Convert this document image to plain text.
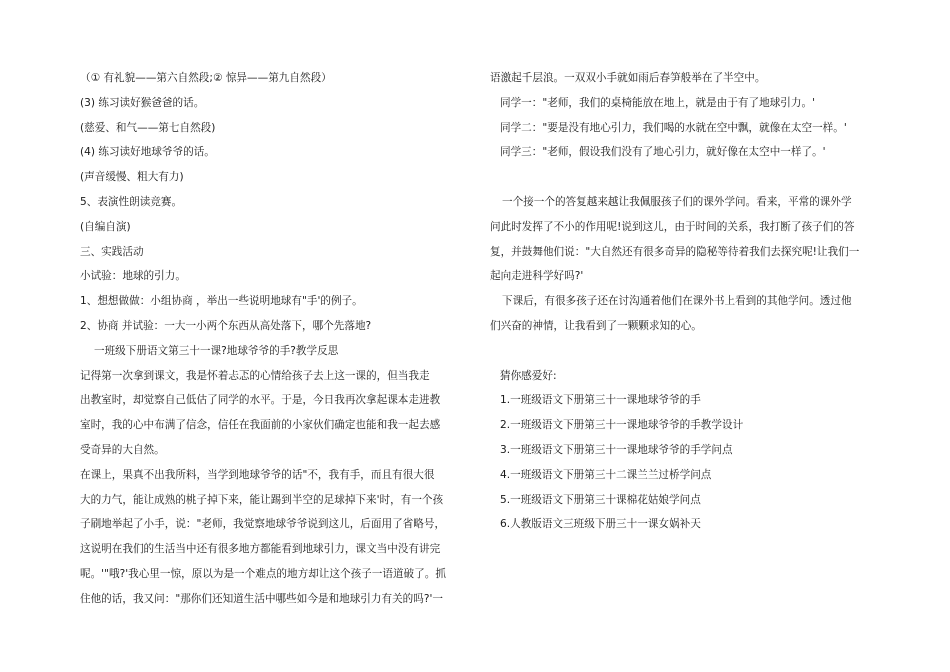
（① 有礼貌——第六自然段;② 惊异——第九自然段）
(3) 练习读好猴爸爸的话。
(慈爱、和气——第七自然段)
(4) 练习读好地球爷爷的话。
(声音缓慢、粗大有力)
5、表演性朗读竞赛。
(自编自演)
三、实践活动
小试验：地球的引力。
1、想想做做：小组协商 ，举出一些说明地球有"手'的例子。
2、协商 并试验：一大一小两个东西从高处落下，哪个先落地?
一班级下册语文第三十一课?地球爷爷的手?教学反思
记得第一次拿到课文，我是怀着忐忑的心情给孩子去上这一课的，但当我走
出教室时，却觉察自己低估了同学的水平。于是，今日我再次拿起课本走进教
室时，我的心中布满了信念，信任在我面前的小家伙们确定也能和我一起去感
受奇异的大自然。
在课上，果真不出我所料，当学到地球爷爷的话"不，我有手，而且有很大很
大的力气，能让成熟的桃子掉下来，能让踢到半空的足球掉下来'时，有一个孩
子刷地举起了小手，说："老师，我觉察地球爷爷说到这儿，后面用了省略号，
这说明在我们的生活当中还有很多地方都能看到地球引力，课文当中没有讲完
呢。'"哦?'我心里一惊，原以为是一个难点的地方却让这个孩子一语道破了。抓
住他的话，我又问："那你们还知道生活中哪些如今是和地球引力有关的吗?'一
语激起千层浪。一双双小手就如雨后春笋般举在了半空中。
同学一："老师，我们的桌椅能放在地上，就是由于有了地球引力。'
同学二："要是没有地心引力，我们喝的水就在空中飘，就像在太空一样。'
同学三："老师，假设我们没有了地心引力，就好像在太空中一样了。'
一个接一个的答复越来越让我佩服孩子们的课外学问。看来，平常的课外学
问此时发挥了不小的作用呢!说到这儿，由于时间的关系，我打断了孩子们的答
复，并鼓舞他们说："大自然还有很多奇异的隐秘等待着我们去探究呢!让我们一
起向走进科学好吗?'
下课后，有很多孩子还在讨沟通着他们在课外书上看到的其他学问。透过他
们兴奋的神情，让我看到了一颗颗求知的心。
猜你感爱好:
1.一班级语文下册第三十一课地球爷爷的手
2.一班级语文下册第三十一课地球爷爷的手教学设计
3.一班级语文下册第三十一课地球爷爷的手学问点
4.一班级语文下册第三十二课兰兰过桥学问点
5.一班级语文下册第三十课棉花姑娘学问点
6.人教版语文三班级下册三十一课女娲补天
